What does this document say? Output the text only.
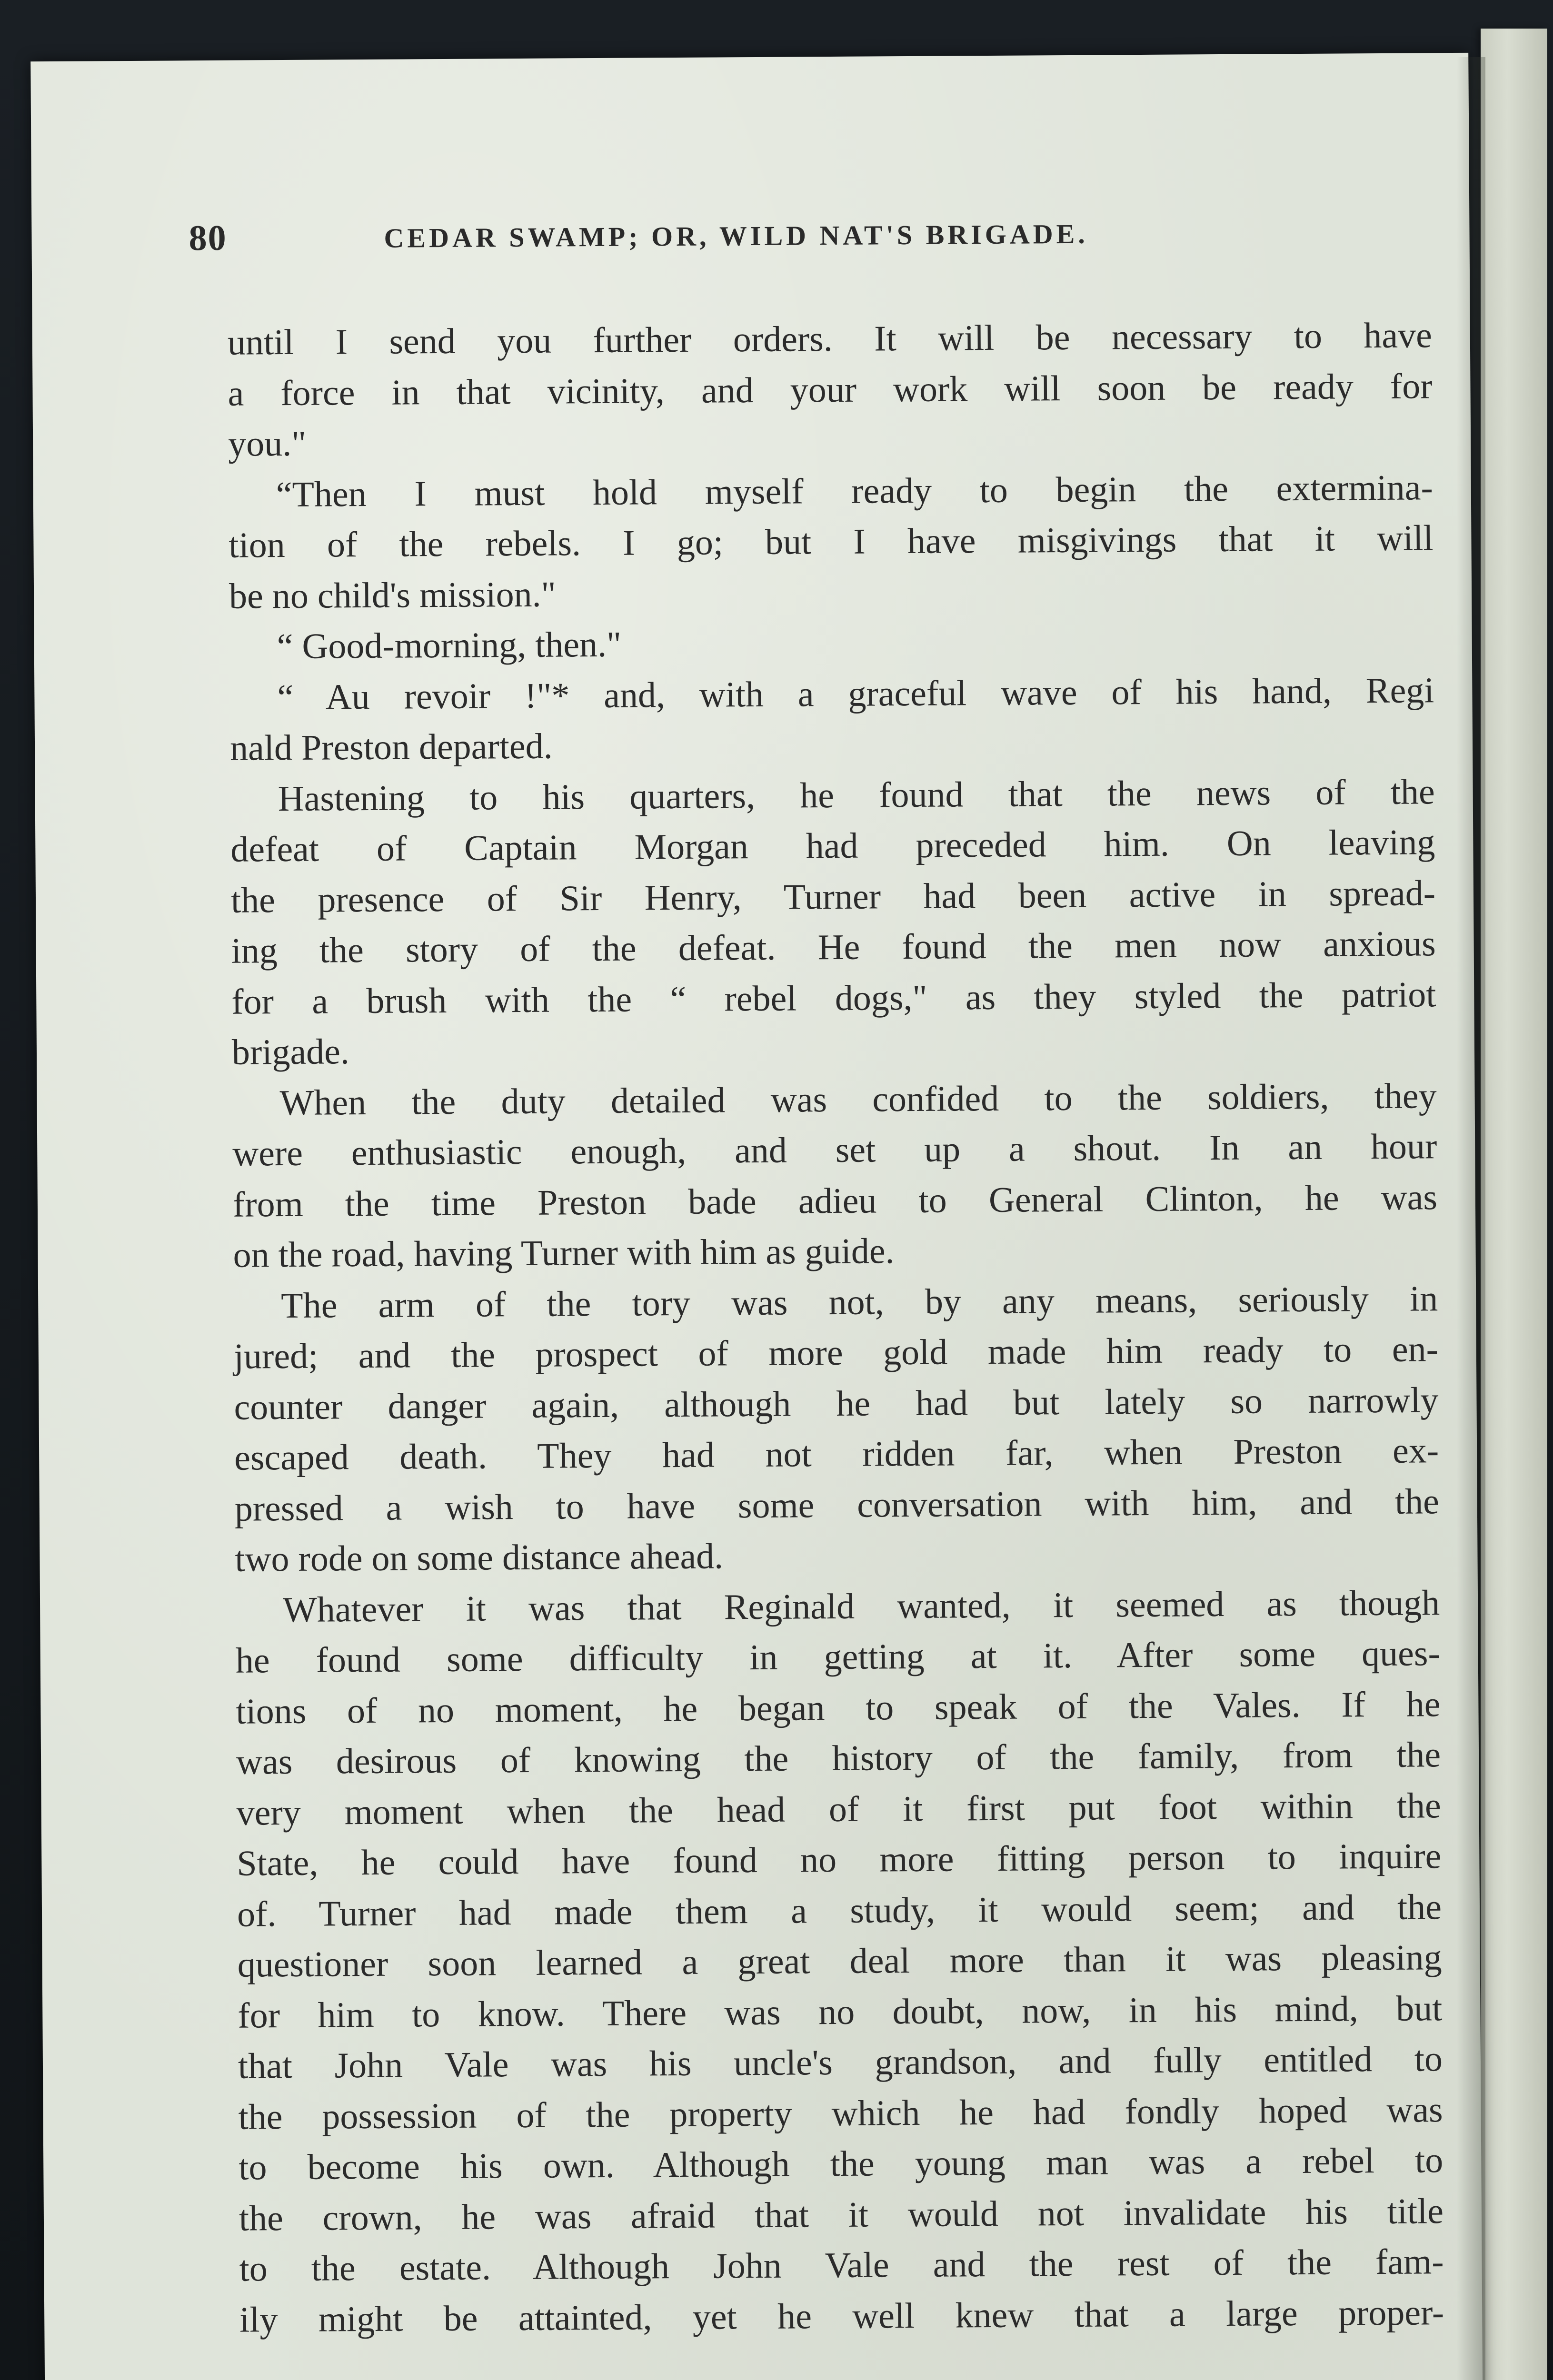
80	CEDAR SWAMP; OR, WILD NAT'S BRIGADE.
until I send you further orders. It will be necessary to have
a force in that vicinity, and your work will soon be ready for
you."
“Then I must hold myself ready to begin the extermina-
tion of the rebels. I go; but I have misgivings that it will
be no child's mission."
“ Good-morning, then."
“ Au revoir !"* and, with a graceful wave of his hand, Regi
nald Preston departed.
Hastening to his quarters, he found that the news of the
defeat of Captain Morgan had preceded him. On leaving
the presence of Sir Henry, Turner had been active in spread-
ing the story of the defeat. He found the men now anxious
for a brush with the “ rebel dogs," as they styled the patriot
brigade.
When the duty detailed was confided to the soldiers, they
were enthusiastic enough, and set up a shout. In an hour
from the time Preston bade adieu to General Clinton, he was
on the road, having Turner with him as guide.
The arm of the tory was not, by any means, seriously in
jured; and the prospect of more gold made him ready to en-
counter danger again, although he had but lately so narrowly
escaped death. They had not ridden far, when Preston ex-
pressed a wish to have some conversation with him, and the
two rode on some distance ahead.
Whatever it was that Reginald wanted, it seemed as though
he found some difficulty in getting at it. After some ques-
tions of no moment, he began to speak of the Vales. If he
was desirous of knowing the history of the family, from the
very moment when the head of it first put foot within the
State, he could have found no more fitting person to inquire
of. Turner had made them a study, it would seem; and the
questioner soon learned a great deal more than it was pleasing
for him to know. There was no doubt, now, in his mind, but
that John Vale was his uncle's grandson, and fully entitled to
the possession of the property which he had fondly hoped was
to become his own. Although the young man was a rebel to
the crown, he was afraid that it would not invalidate his title
to the estate. Although John Vale and the rest of the fam-
ily might be attainted, yet he well knew that a large proper-
